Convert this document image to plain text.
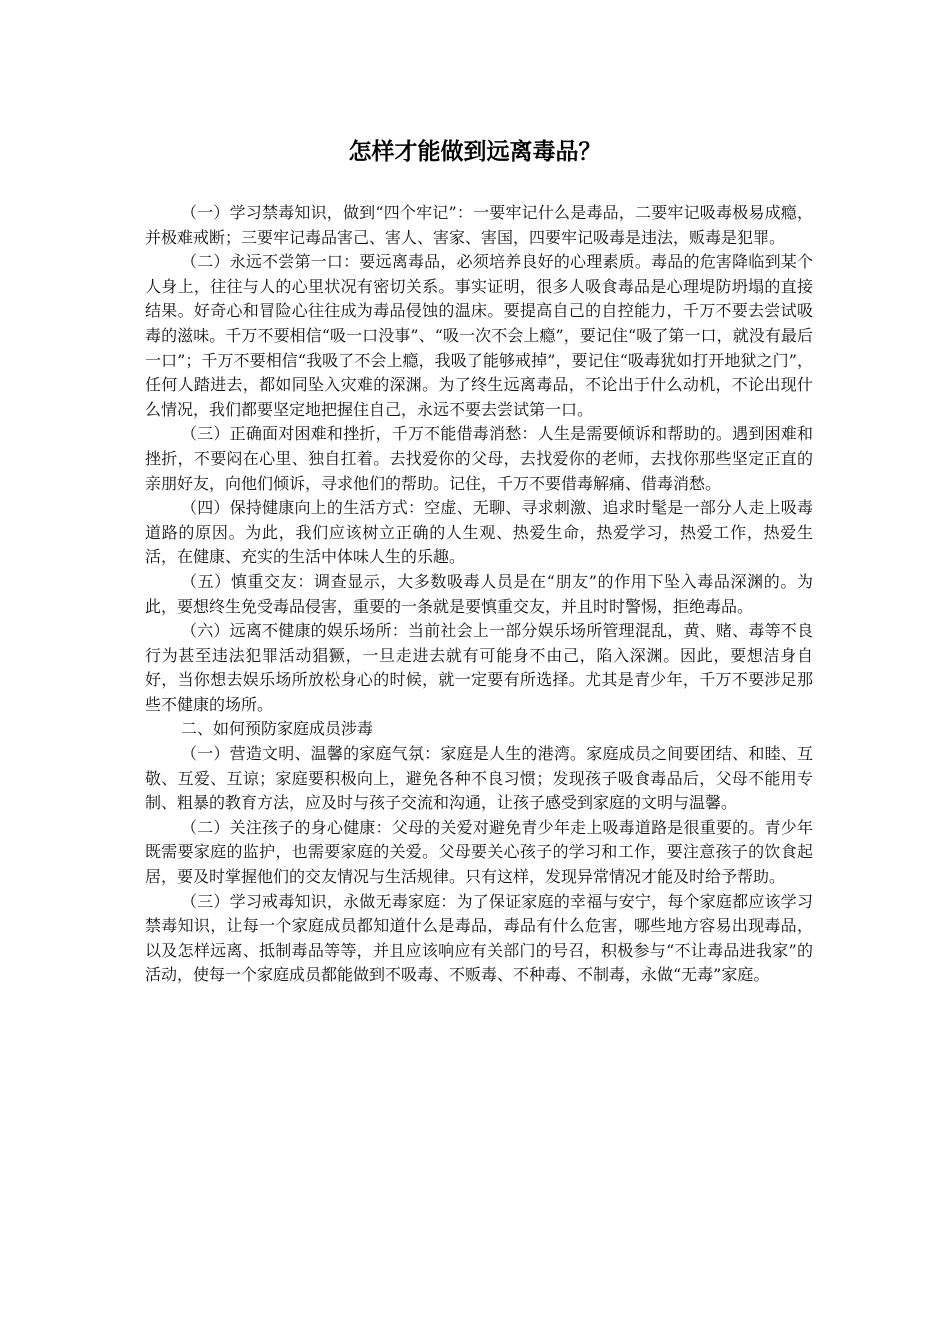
怎样才能做到远离毒品？

（一）学习禁毒知识，做到“四个牢记”：一要牢记什么是毒品，二要牢记吸毒极易成瘾，并极难戒断；三要牢记毒品害己、害人、害家、害国，四要牢记吸毒是违法，贩毒是犯罪。

（二）永远不尝第一口：要远离毒品，必须培养良好的心理素质。毒品的危害降临到某个人身上，往往与人的心里状况有密切关系。事实证明，很多人吸食毒品是心理堤防坍塌的直接结果。好奇心和冒险心往往成为毒品侵蚀的温床。要提高自己的自控能力，千万不要去尝试吸毒的滋味。千万不要相信“吸一口没事”、“吸一次不会上瘾”，要记住“吸了第一口，就没有最后一口”；千万不要相信“我吸了不会上瘾，我吸了能够戒掉”，要记住“吸毒犹如打开地狱之门”，任何人踏进去，都如同坠入灾难的深渊。为了终生远离毒品，不论出于什么动机，不论出现什么情况，我们都要坚定地把握住自己，永远不要去尝试第一口。

（三）正确面对困难和挫折，千万不能借毒消愁：人生是需要倾诉和帮助的。遇到困难和挫折，不要闷在心里、独自扛着。去找爱你的父母，去找爱你的老师，去找你那些坚定正直的亲朋好友，向他们倾诉，寻求他们的帮助。记住，千万不要借毒解痛、借毒消愁。

（四）保持健康向上的生活方式：空虚、无聊、寻求刺激、追求时髦是一部分人走上吸毒道路的原因。为此，我们应该树立正确的人生观、热爱生命，热爱学习，热爱工作，热爱生活，在健康、充实的生活中体味人生的乐趣。

（五）慎重交友：调查显示，大多数吸毒人员是在“朋友”的作用下坠入毒品深渊的。为此，要想终生免受毒品侵害，重要的一条就是要慎重交友，并且时时警惕，拒绝毒品。

（六）远离不健康的娱乐场所：当前社会上一部分娱乐场所管理混乱，黄、赌、毒等不良行为甚至违法犯罪活动猖獗，一旦走进去就有可能身不由己，陷入深渊。因此，要想洁身自好，当你想去娱乐场所放松身心的时候，就一定要有所选择。尤其是青少年，千万不要涉足那些不健康的场所。

二、如何预防家庭成员涉毒

（一）营造文明、温馨的家庭气氛：家庭是人生的港湾。家庭成员之间要团结、和睦、互敬、互爱、互谅；家庭要积极向上，避免各种不良习惯；发现孩子吸食毒品后，父母不能用专制、粗暴的教育方法，应及时与孩子交流和沟通，让孩子感受到家庭的文明与温馨。

（二）关注孩子的身心健康：父母的关爱对避免青少年走上吸毒道路是很重要的。青少年既需要家庭的监护，也需要家庭的关爱。父母要关心孩子的学习和工作，要注意孩子的饮食起居，要及时掌握他们的交友情况与生活规律。只有这样，发现异常情况才能及时给予帮助。

（三）学习戒毒知识，永做无毒家庭：为了保证家庭的幸福与安宁，每个家庭都应该学习禁毒知识，让每一个家庭成员都知道什么是毒品，毒品有什么危害，哪些地方容易出现毒品，以及怎样远离、抵制毒品等等，并且应该响应有关部门的号召，积极参与“不让毒品进我家”的活动，使每一个家庭成员都能做到不吸毒、不贩毒、不种毒、不制毒，永做“无毒”家庭。
